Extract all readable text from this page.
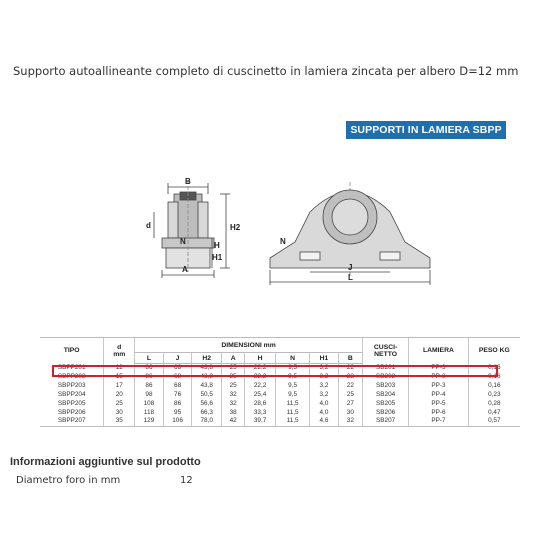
Supporto autoallineante completo di cuscinetto in lamiera zincata per albero D=12 mm
SUPPORTI IN LAMIERA SBPP
B
d	H2
N	H
H1
A
N
J
L
TIPO	d
mm	DIMENSIONI mm								CUSCI-
NETTO	LAMIERA	PESO KG
		L	J	H2	A	H	N	H1	B			
SBPP201	12	86	68	43,8	25	22,2	9,5	3,2	22	SB201	PP-3	0,16
SBPP202	15	86	68	43,8	25	22,2	9,5	3,2	22	SB202	PP-3	0,16
SBPP203	17	86	68	43,8	25	22,2	9,5	3,2	22	SB203	PP-3	0,16
SBPP204	20	98	76	50,5	32	25,4	9,5	3,2	25	SB204	PP-4	0,23
SBPP205	25	108	86	56,6	32	28,6	11,5	4,0	27	SB205	PP-5	0,28
SBPP206	30	118	95	66,3	38	33,3	11,5	4,0	30	SB206	PP-6	0,47
SBPP207	35	129	106	78,0	42	39,7	11,5	4,6	32	SB207	PP-7	0,57
Informazioni aggiuntive sul prodotto
Diametro foro in mm	12
